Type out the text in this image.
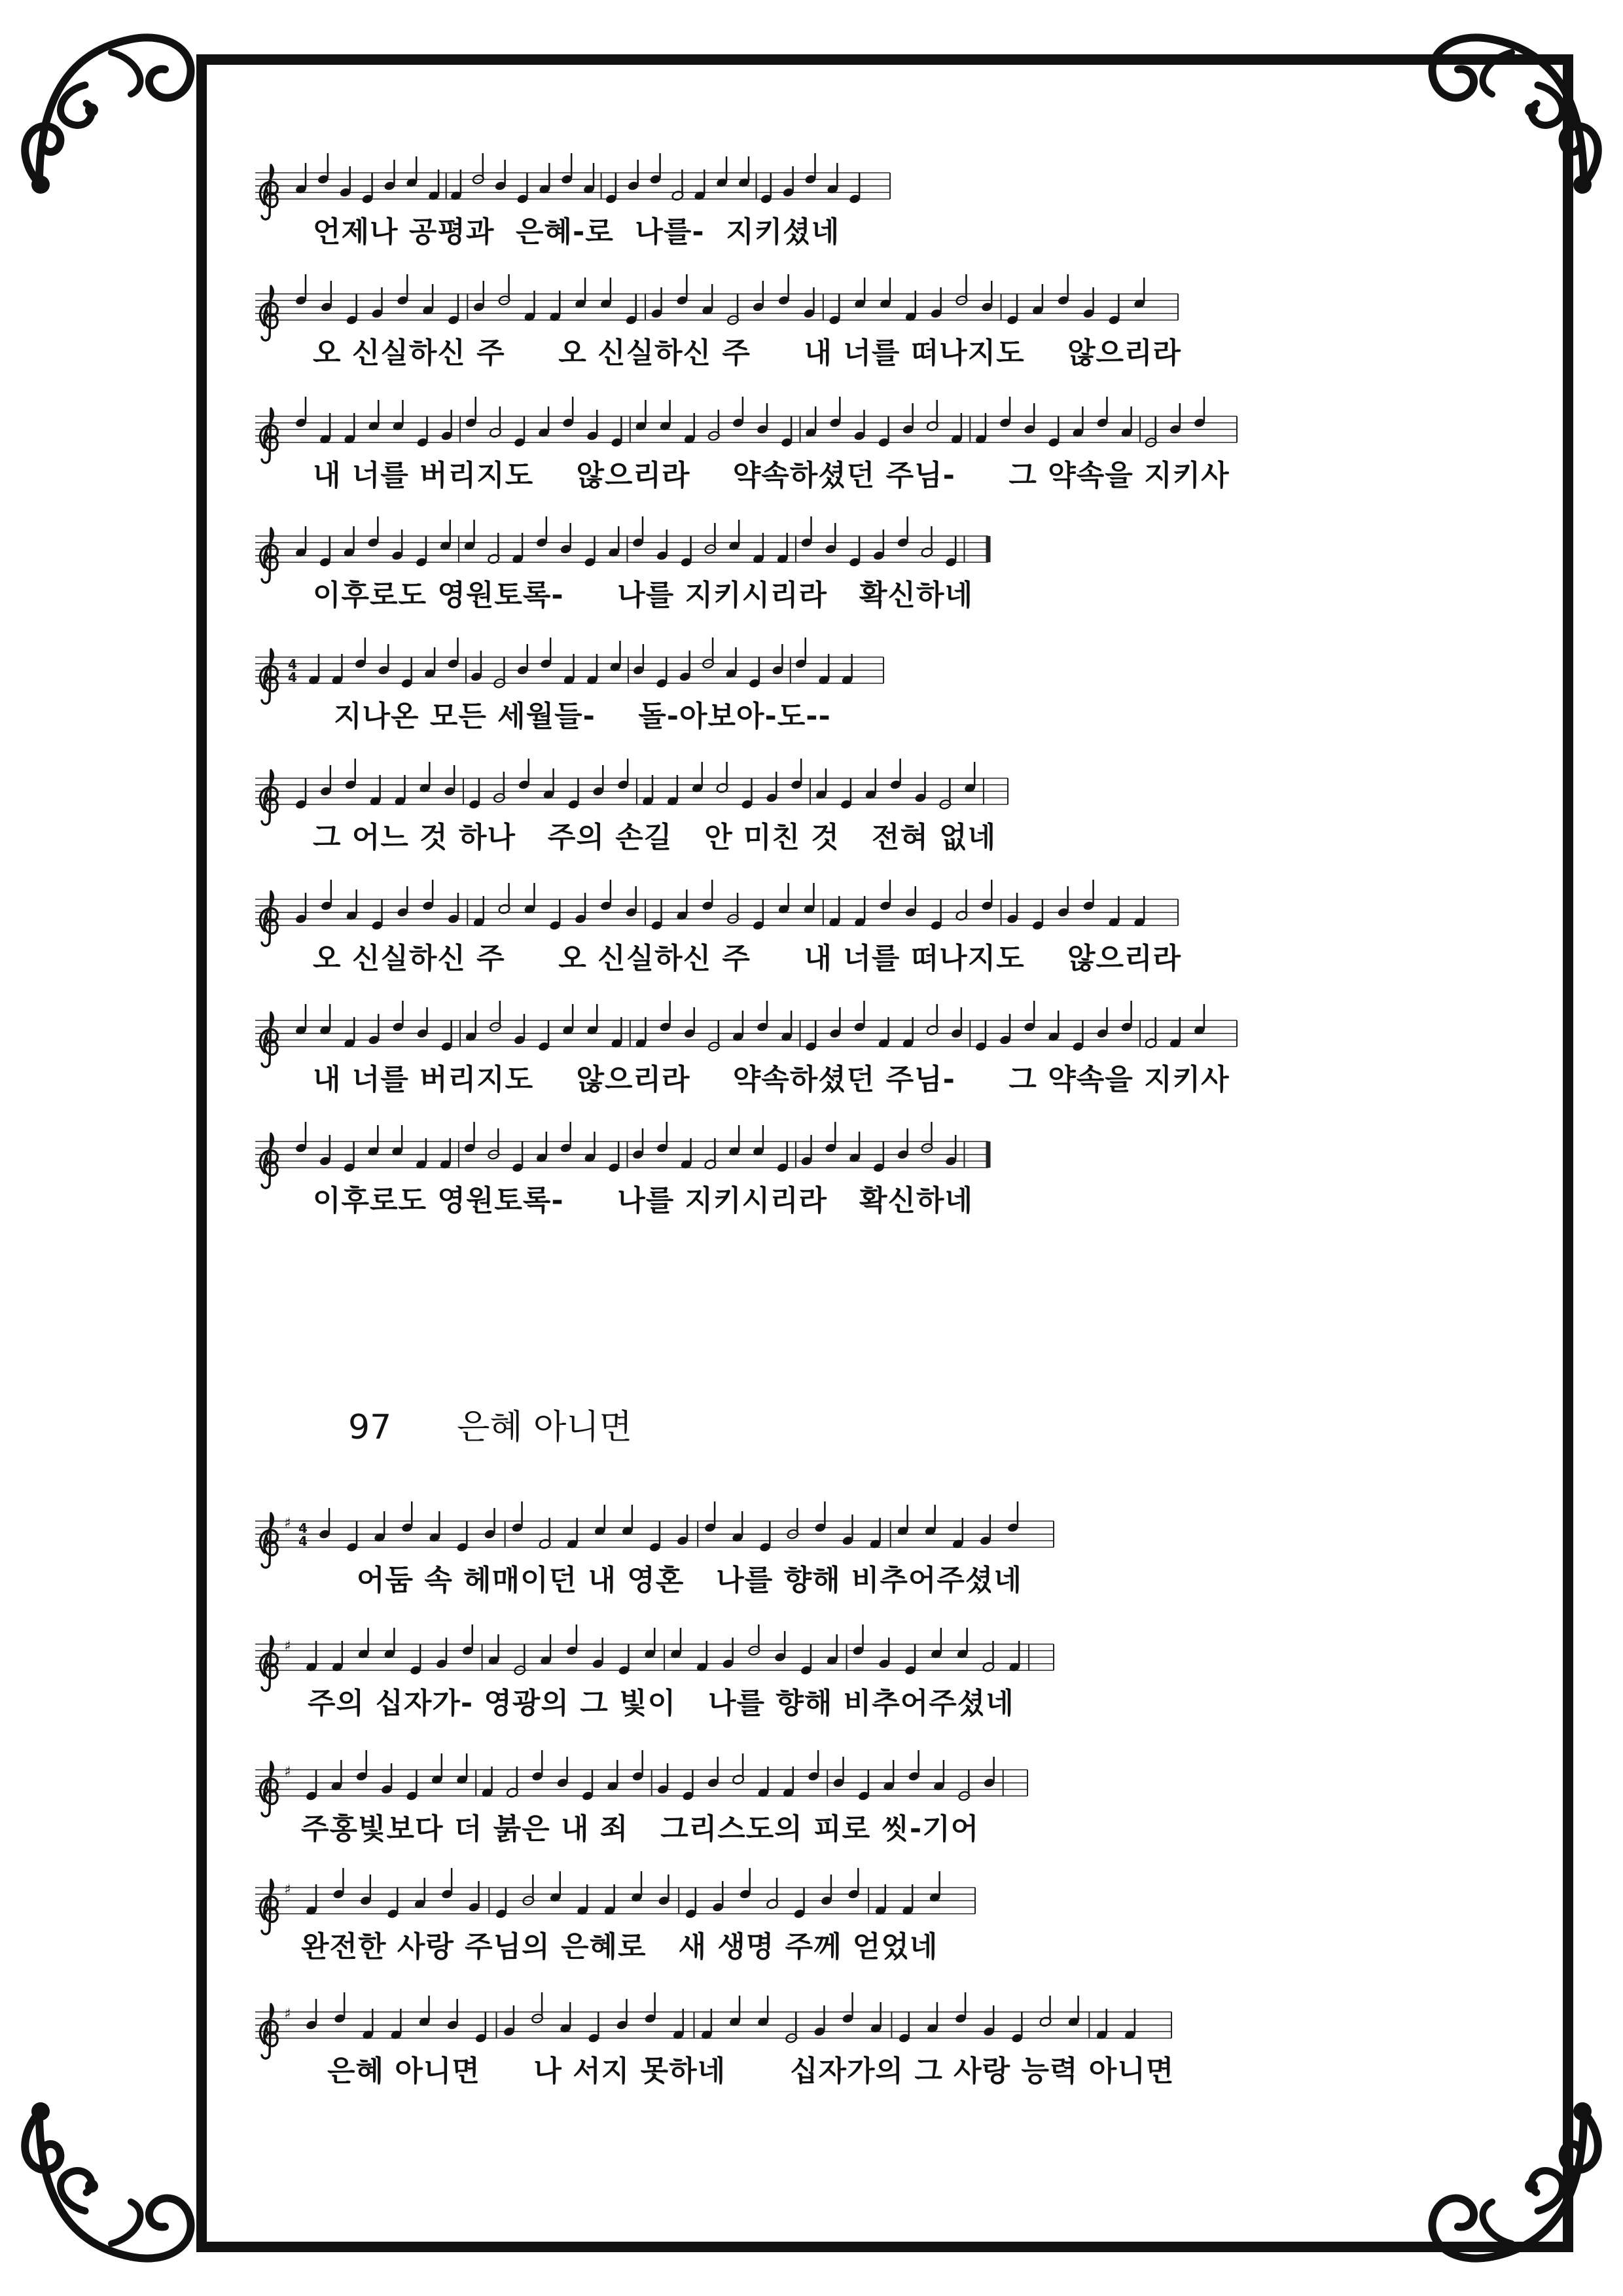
언제나 공평과  은혜-로  나를-  지키셨네
오 신실하신 주     오 신실하신 주     내 너를 떠나지도    않으리라
내 너를 버리지도    않으리라    약속하셨던 주님-     그 약속을 지키사
이후로도 영원토록-     나를 지키시리라   확신하네
4
4
지나온 모든 세월들-    돌-아보아-도--
그 어느 것 하나   주의 손길   안 미친 것   전혀 없네
오 신실하신 주     오 신실하신 주     내 너를 떠나지도    않으리라
내 너를 버리지도    않으리라    약속하셨던 주님-     그 약속을 지키사
이후로도 영원토록-     나를 지키시리라   확신하네
97 은혜 아니면
♯ 4
4
어둠 속 헤매이던 내 영혼   나를 향해 비추어주셨네
♯
주의 십자가- 영광의 그 빛이   나를 향해 비추어주셨네
♯
주홍빛보다 더 붉은 내 죄   그리스도의 피로 씻-기어
♯
완전한 사랑 주님의 은혜로   새 생명 주께 얻었네
♯
은혜 아니면     나 서지 못하네      십자가의 그 사랑 능력 아니면
